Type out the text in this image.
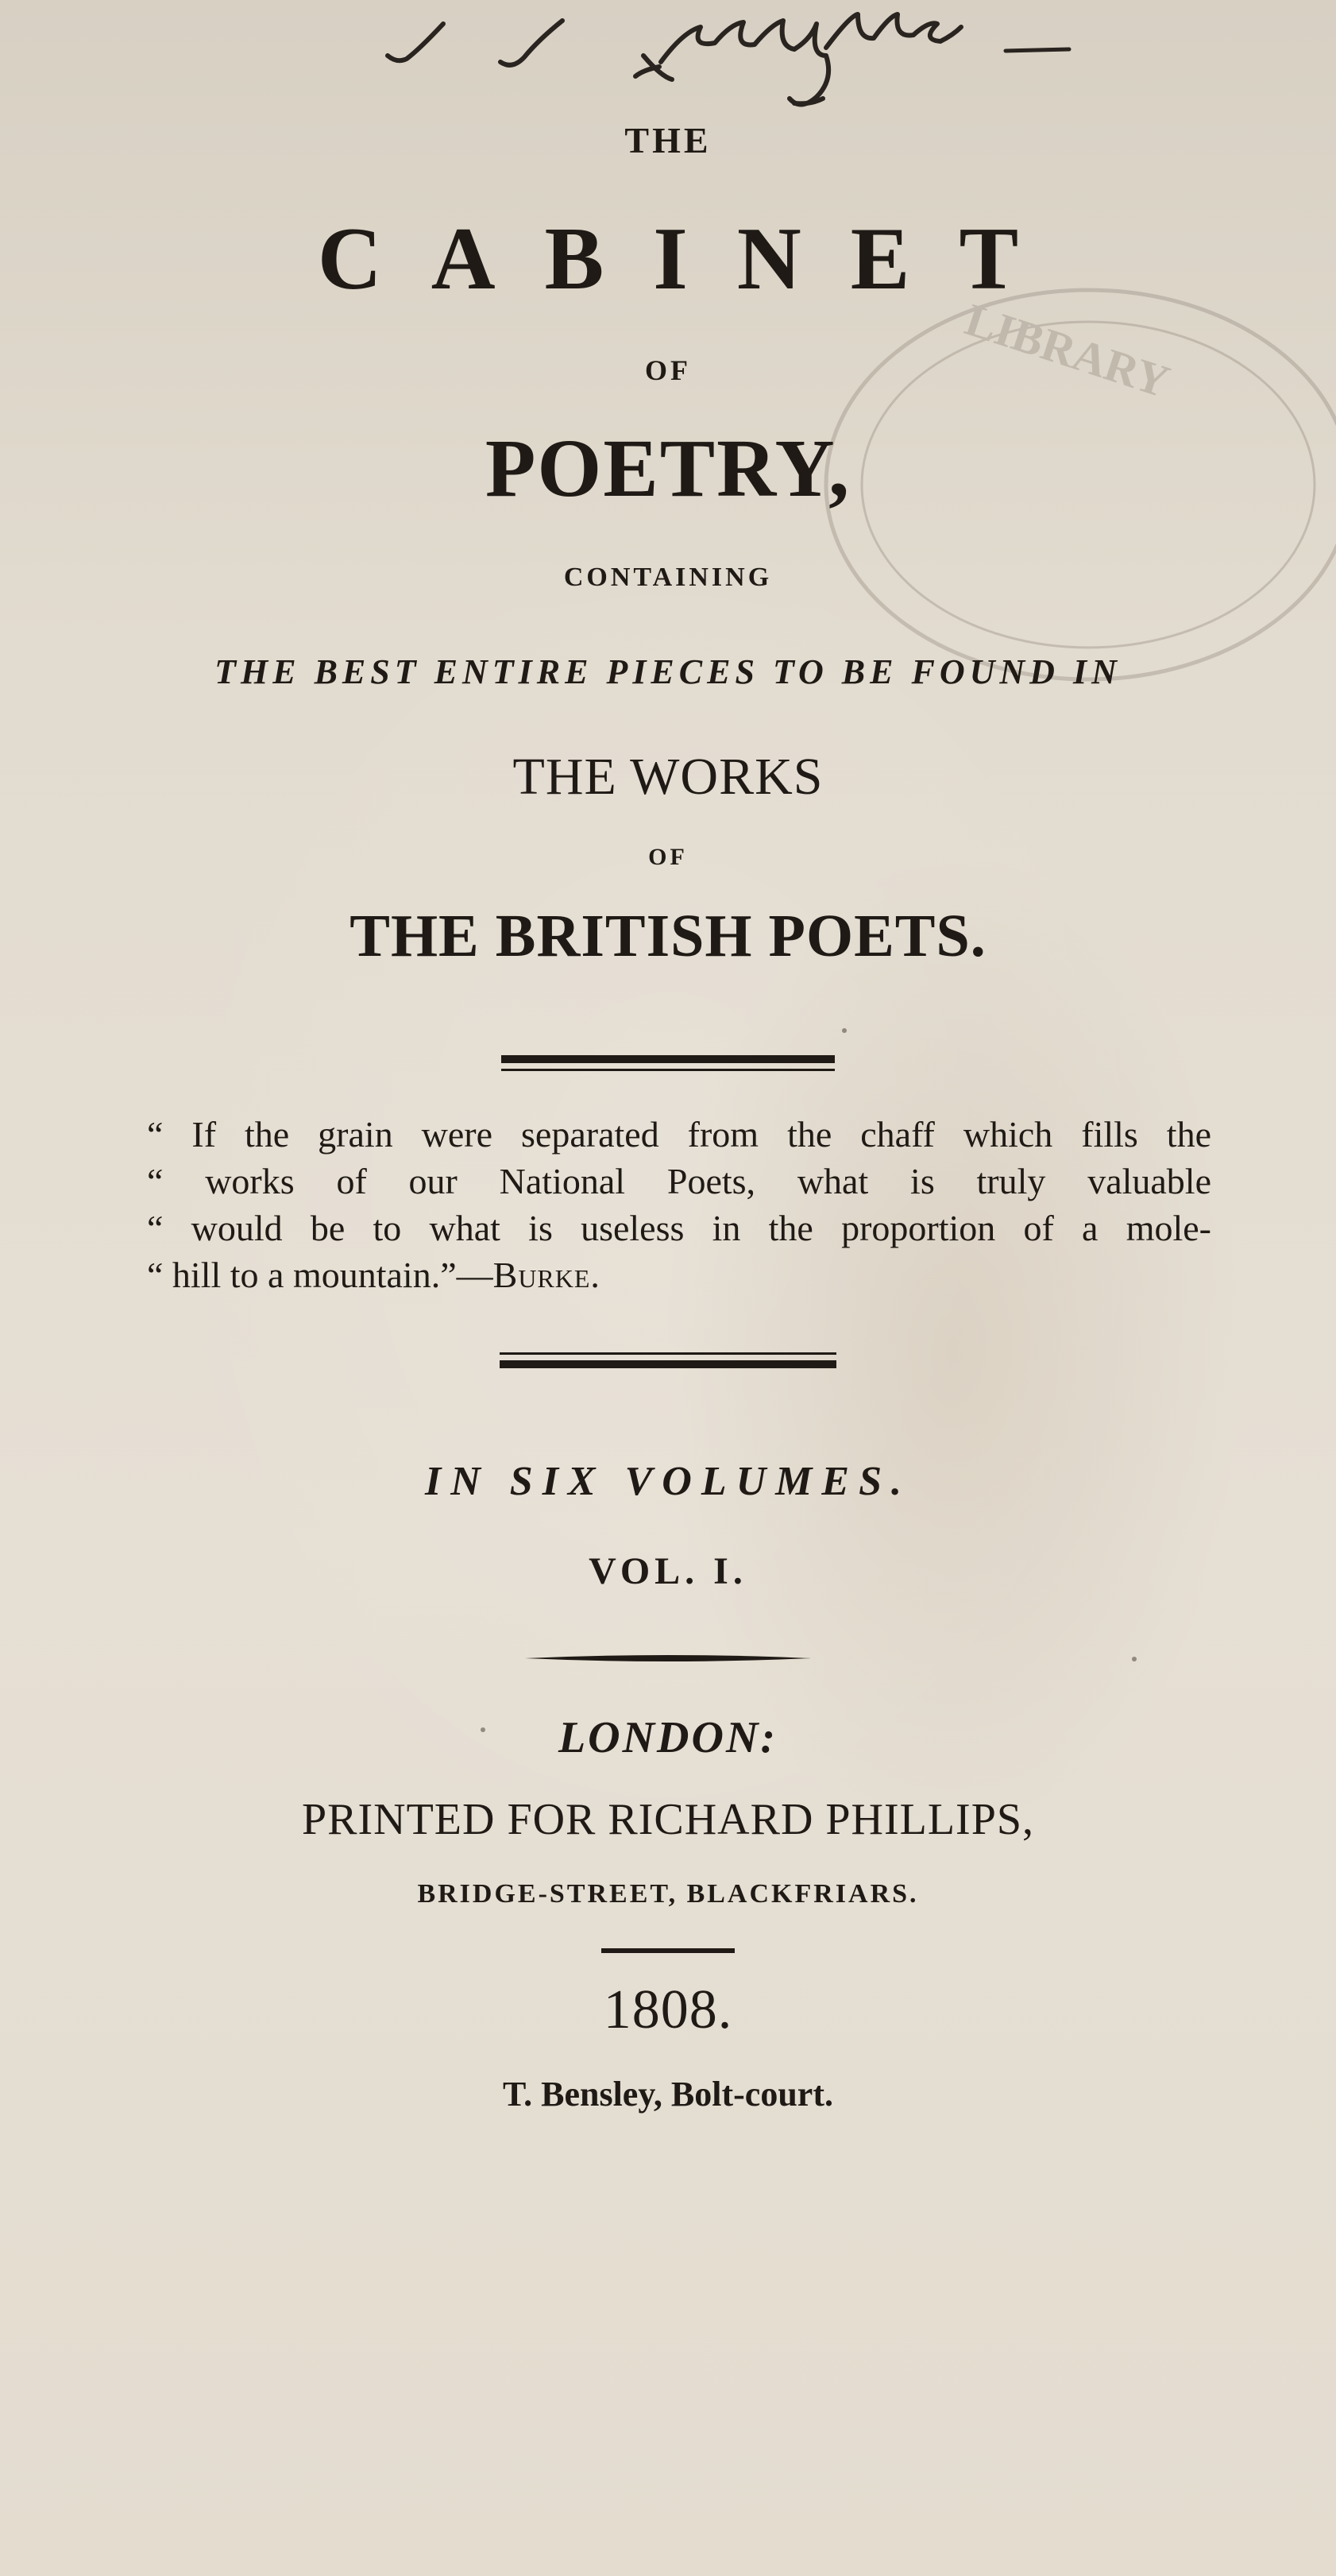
J J Laughter
LIBRARY
THE
CABINET
OF
POETRY,
CONTAINING
THE BEST ENTIRE PIECES TO BE FOUND IN
THE WORKS
OF
THE BRITISH POETS.
“ If the grain were separated from the chaff which fills the
“ works of our National Poets, what is truly valuable
“ would be to what is useless in the proportion of a mole-
“ hill to a mountain.”—Burke.
IN SIX VOLUMES.
VOL. I.
LONDON:
PRINTED FOR RICHARD PHILLIPS,
BRIDGE-STREET, BLACKFRIARS.
1808.
T. Bensley, Bolt-court.
